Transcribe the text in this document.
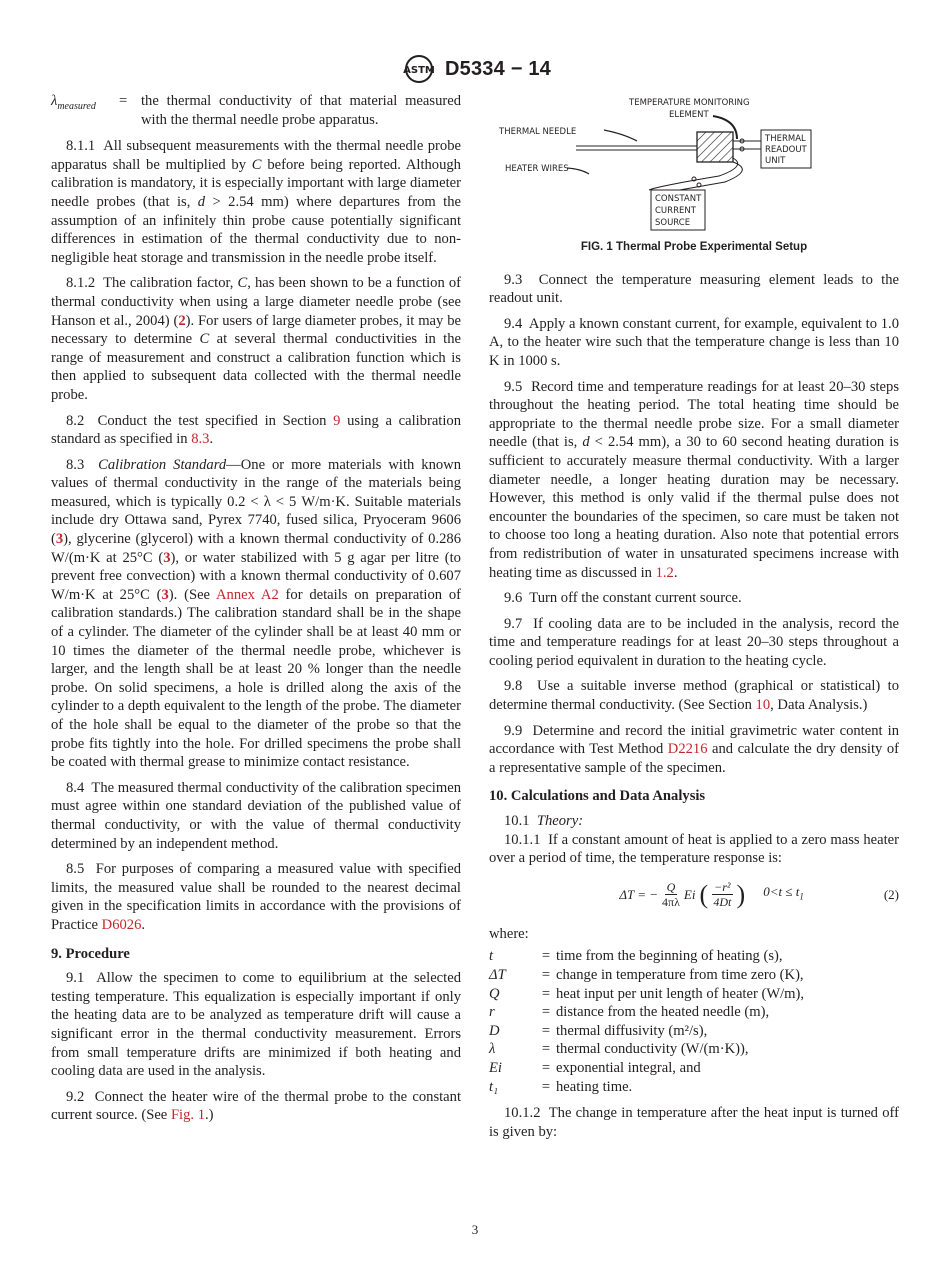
ASTM D5334 − 14
$\lambda_{measured}$	= the thermal conductivity of that material measured with the thermal needle probe apparatus.

8.1.1 All subsequent measurements with the thermal needle probe apparatus shall be multiplied by C before being reported. Although calibration is mandatory, it is especially important with large diameter needle probes (that is, d > 2.54 mm) where departures from the assumption of an infinitely thin probe cause potentially significant differences in estimation of the thermal conductivity due to non-negligible heat storage and transmission in the needle probe itself.

8.1.2 The calibration factor, C, has been shown to be a function of thermal conductivity when using a large diameter needle probe (see Hanson et al., 2004) (2). For users of large diameter probes, it may be necessary to determine C at several thermal conductivities in the range of measurement and construct a calibration function which is then applied to subsequent data collected with the thermal needle probe.

8.2 Conduct the test specified in Section 9 using a calibration standard as specified in 8.3.

8.3 Calibration Standard—One or more materials with known values of thermal conductivity in the range of the materials being measured, which is typically 0.2 < λ < 5 W/m·K. Suitable materials include dry Ottawa sand, Pyrex 7740, fused silica, Pryoceram 9606 (3), glycerine (glycerol) with a known thermal conductivity of 0.286 W/(m·K at 25°C (3), or water stabilized with 5 g agar per litre (to prevent free convection) with a known thermal conductivity of 0.607 W/m·K at 25°C (3). (See Annex A2 for details on preparation of calibration standards.) The calibration standard shall be in the shape of a cylinder. The diameter of the cylinder shall be at least 40 mm or 10 times the diameter of the thermal needle probe, whichever is larger, and the length shall be at least 20 % longer than the needle probe. On solid specimens, a hole is drilled along the axis of the cylinder to a depth equivalent to the length of the probe. The diameter of the hole shall be equal to the diameter of the probe so that the probe fits tightly into the hole. For drilled specimens the probe shall be coated with thermal grease to minimize contact resistance.

8.4 The measured thermal conductivity of the calibration specimen must agree within one standard deviation of the published value of thermal conductivity, or with the value of thermal conductivity determined by an independent method.

8.5 For purposes of comparing a measured value with specified limits, the measured value shall be rounded to the nearest decimal given in the specification limits in accordance with the provisions of Practice D6026.

9. Procedure

9.1 Allow the specimen to come to equilibrium at the selected testing temperature. This equalization is especially important if only the heating data are to be analyzed as temperature drift will cause a significant error in the thermal conductivity measurement. Errors from small temperature drifts are minimized if both heating and cooling data are used in the analysis.

9.2 Connect the heater wire of the thermal probe to the constant current source. (See Fig. 1.)

TEMPERATURE MONITORING
ELEMENT
THERMAL NEEDLE
HEATER WIRES
THERMAL
READOUT
UNIT
CONSTANT
CURRENT
SOURCE
FIG. 1 Thermal Probe Experimental Setup

9.3 Connect the temperature measuring element leads to the readout unit.

9.4 Apply a known constant current, for example, equivalent to 1.0 A, to the heater wire such that the temperature change is less than 10 K in 1000 s.

9.5 Record time and temperature readings for at least 20–30 steps throughout the heating period. The total heating time should be appropriate to the thermal needle probe size. For a small diameter needle (that is, d < 2.54 mm), a 30 to 60 second heating duration is sufficient to accurately measure thermal conductivity. With a larger diameter needle, a longer heating duration may be necessary. However, this method is only valid if the thermal pulse does not encounter the boundaries of the specimen, so care must be taken not to choose too long a heating duration. Also note that potential errors from redistribution of water in unsaturated specimens increase with heating time as discussed in 1.2.

9.6 Turn off the constant current source.

9.7 If cooling data are to be included in the analysis, record the time and temperature readings for at least 20–30 steps throughout a cooling period equivalent in duration to the heating cycle.

9.8 Use a suitable inverse method (graphical or statistical) to determine thermal conductivity. (See Section 10, Data Analysis.)

9.9 Determine and record the initial gravimetric water content in accordance with Test Method D2216 and calculate the dry density of a representative sample of the specimen.

10. Calculations and Data Analysis

10.1 Theory:

10.1.1 If a constant amount of heat is applied to a zero mass heater over a period of time, the temperature response is:

ΔT = − $\frac{Q}{4\pi\lambda}$ Ei ( $\frac{\text{−r²}}{4Dt}$ ) $0<t \le t_1$	(2)

where:

t	= time from the beginning of heating (s),
ΔT	= change in temperature from time zero (K),
Q	= heat input per unit length of heater (W/m),
r	= distance from the heated needle (m),
D	= thermal diffusivity (m²/s),
λ	= thermal conductivity (W/(m·K)),
Ei	= exponential integral, and
t₁	= heating time.

10.1.2 The change in temperature after the heat input is turned off is given by:

3
